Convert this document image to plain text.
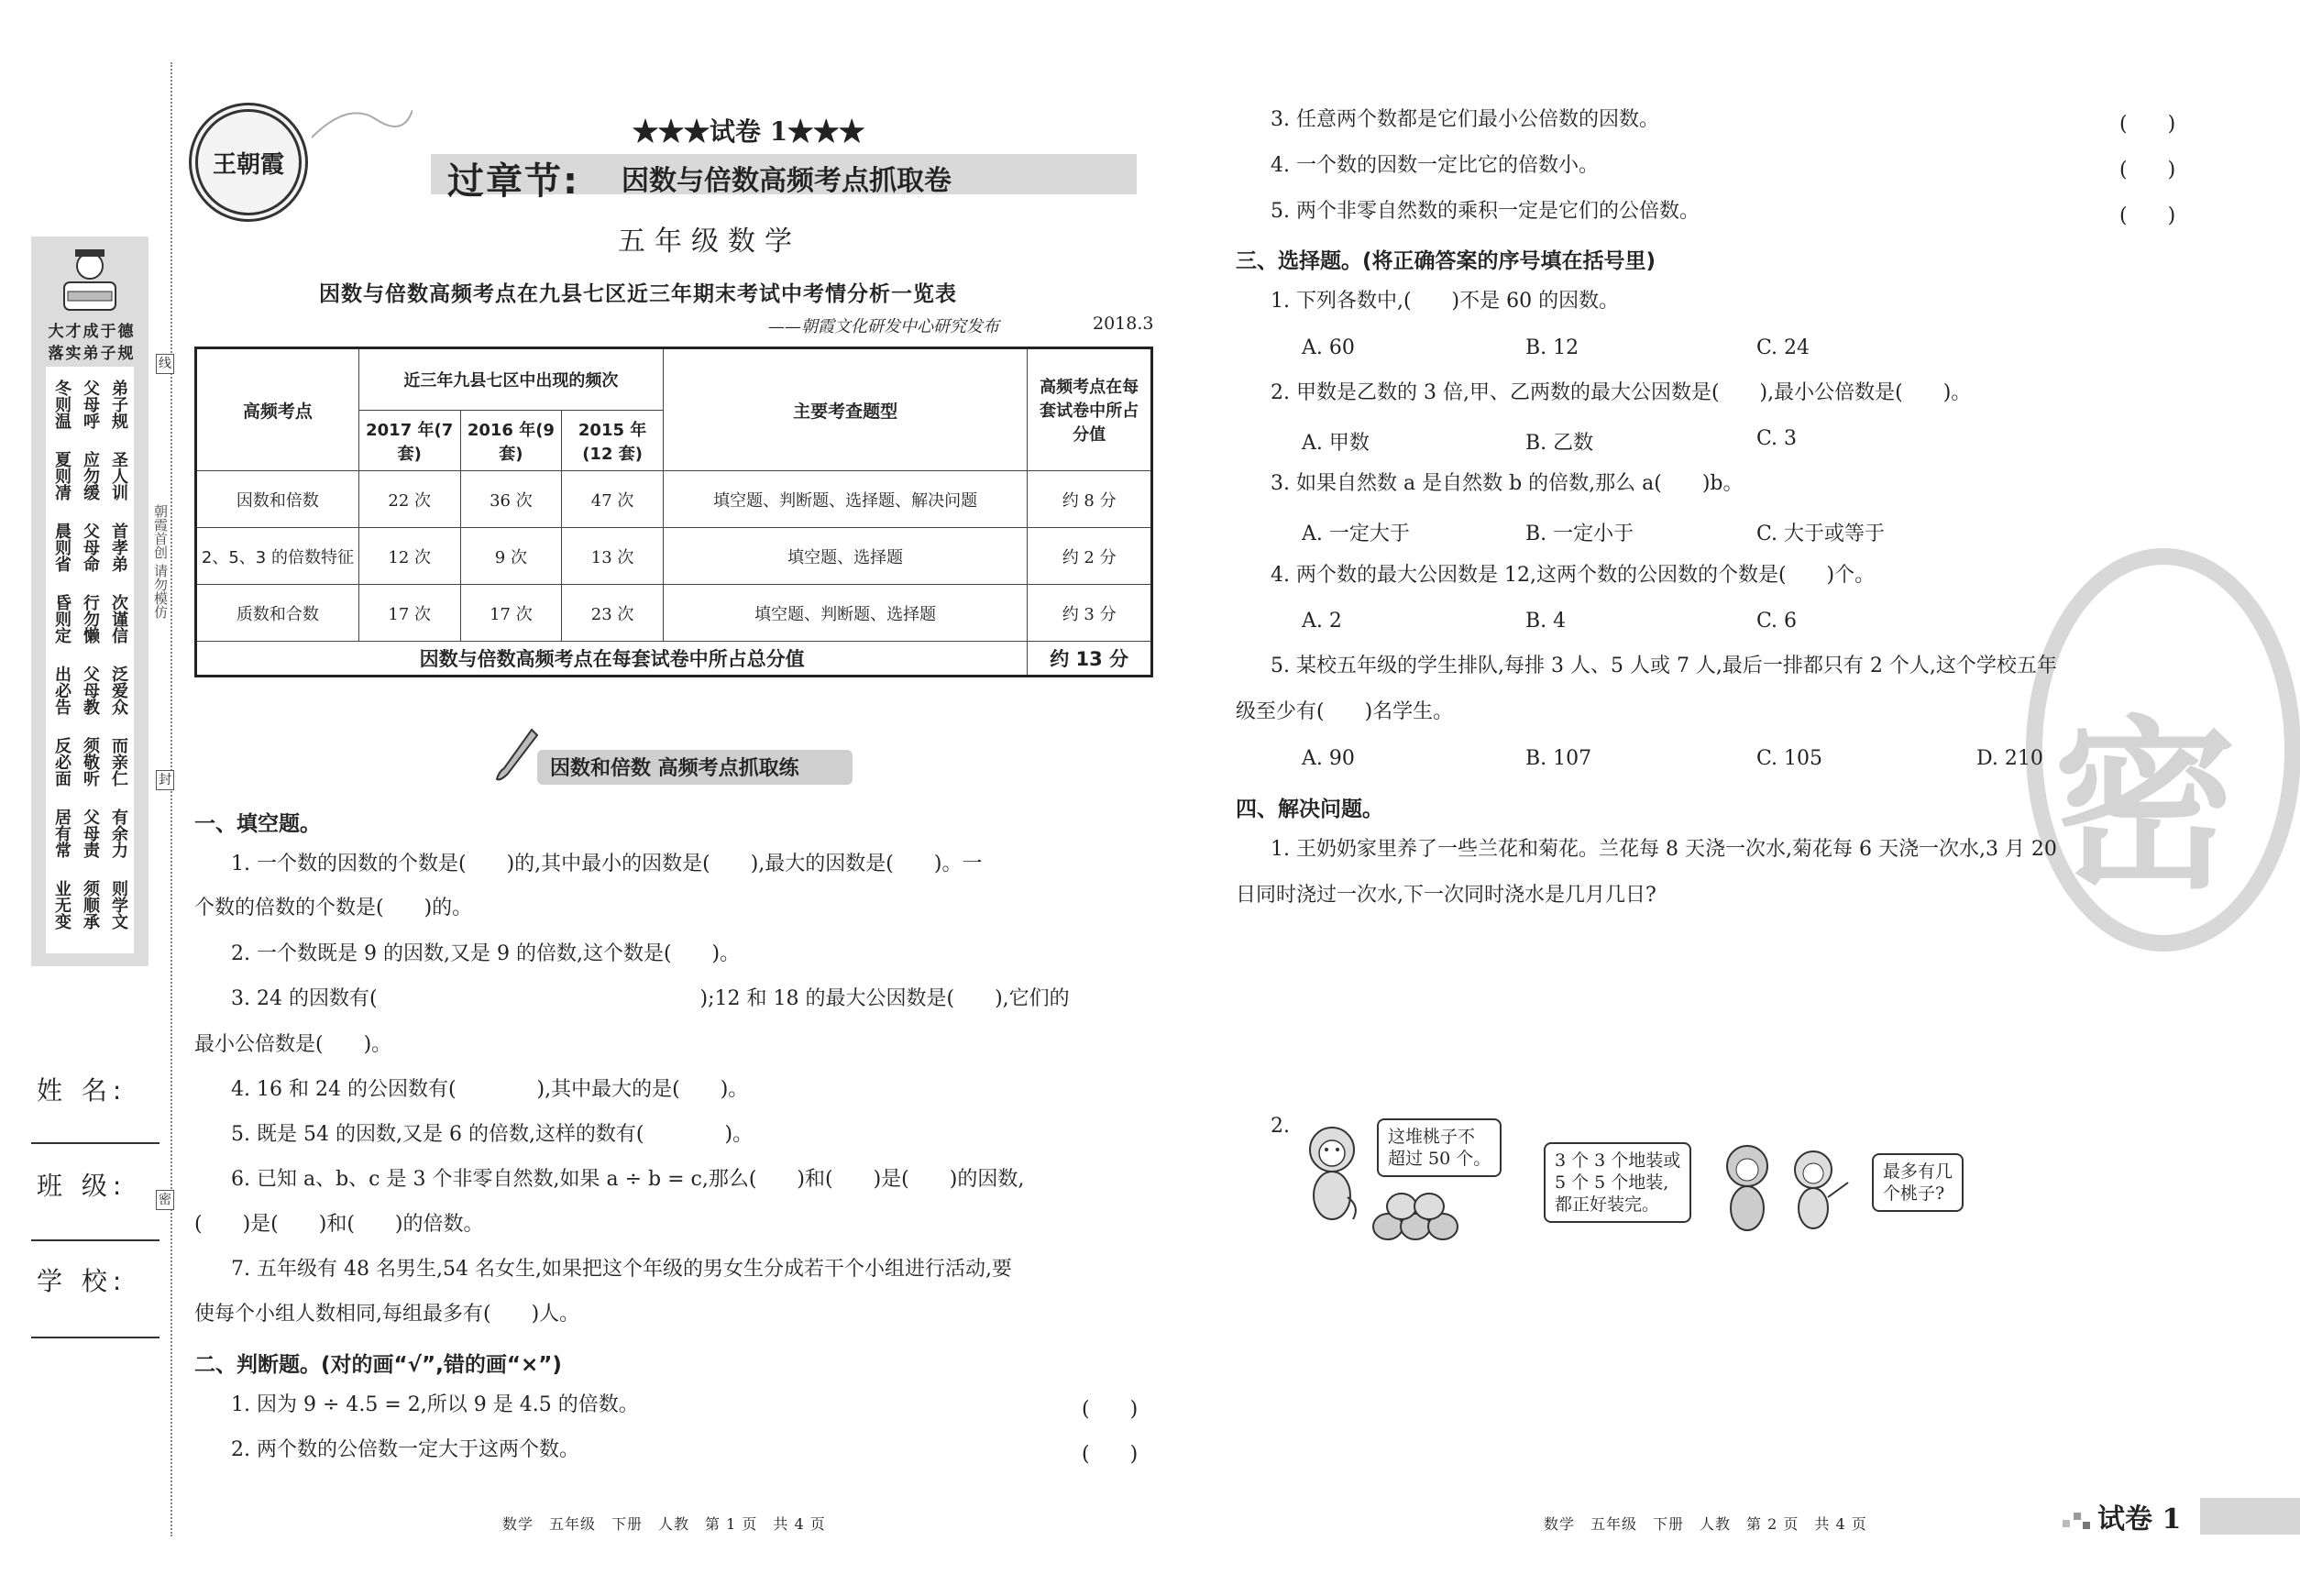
大才成于德
落实弟子规
弟子规
圣人训
首孝弟
次谨信
泛爱众
而亲仁
有余力
则学文
父母呼
应勿缓
父母命
行勿懒
父母教
须敬听
父母责
须顺承
冬则温
夏则凊
晨则省
昏则定
出必告
反必面
居有常
业无变
姓 名:
班 级:
学 校:
线
封
密
朝霞首创 请勿模仿
王朝霞
★★★试卷 1★★★
过章节: 因数与倍数高频考点抓取卷
五年级数学
因数与倍数高频考点在九县七区近三年期末考试中考情分析一览表
——朝霞文化研发中心研究发布	2018.3
高频考点	近三年九县七区中出现的频次			主要考查题型	高频考点在每套试卷中所占分值
	2017 年(7 套)	2016 年(9 套)	2015 年(12 套)		
因数和倍数	22 次	36 次	47 次	填空题、判断题、选择题、解决问题	约 8 分
2、5、3 的倍数特征	12 次	9 次	13 次	填空题、选择题	约 2 分
质数和合数	17 次	17 次	23 次	填空题、判断题、选择题	约 3 分
因数与倍数高频考点在每套试卷中所占总分值					约 13 分
因数和倍数 高频考点抓取练
一、填空题。
1. 一个数的因数的个数是(　　)的,其中最小的因数是(　　),最大的因数是(　　)。一
个数的倍数的个数是(　　)的。
2. 一个数既是 9 的因数,又是 9 的倍数,这个数是(　　)。
3. 24 的因数有(　　　　　　　　　　　　　　　　);12 和 18 的最大公因数是(　　),它们的
最小公倍数是(　　)。
4. 16 和 24 的公因数有(　　　　),其中最大的是(　　)。
5. 既是 54 的因数,又是 6 的倍数,这样的数有(　　　　)。
6. 已知 a、b、c 是 3 个非零自然数,如果 a ÷ b = c,那么(　　)和(　　)是(　　)的因数,
(　　)是(　　)和(　　)的倍数。
7. 五年级有 48 名男生,54 名女生,如果把这个年级的男女生分成若干个小组进行活动,要
使每个小组人数相同,每组最多有(　　)人。
二、判断题。(对的画“√”,错的画“×”)
1. 因为 9 ÷ 4.5 = 2,所以 9 是 4.5 的倍数。	(　　)
2. 两个数的公倍数一定大于这两个数。	(　　)
数学　五年级　下册　人教　第 1 页　共 4 页
密
3. 任意两个数都是它们最小公倍数的因数。	(　　)
4. 一个数的因数一定比它的倍数小。	(　　)
5. 两个非零自然数的乘积一定是它们的公倍数。	(　　)
三、选择题。(将正确答案的序号填在括号里)
1. 下列各数中,(　　)不是 60 的因数。
A. 60	B. 12	C. 24
2. 甲数是乙数的 3 倍,甲、乙两数的最大公因数是(　　),最小公倍数是(　　)。
A. 甲数	B. 乙数	C. 3
3. 如果自然数 a 是自然数 b 的倍数,那么 a(　　)b。
A. 一定大于	B. 一定小于	C. 大于或等于
4. 两个数的最大公因数是 12,这两个数的公因数的个数是(　　)个。
A. 2	B. 4	C. 6
5. 某校五年级的学生排队,每排 3 人、5 人或 7 人,最后一排都只有 2 个人,这个学校五年
级至少有(　　)名学生。
A. 90	B. 107	C. 105	D. 210
四、解决问题。
1. 王奶奶家里养了一些兰花和菊花。兰花每 8 天浇一次水,菊花每 6 天浇一次水,3 月 20
日同时浇过一次水,下一次同时浇水是几月几日?
2.	这堆桃子不
超过 50 个。	3 个 3 个地装或
5 个 5 个地装,
都正好装完。
最多有几
个桃子?
数学　五年级　下册　人教　第 2 页　共 4 页	试卷 1
